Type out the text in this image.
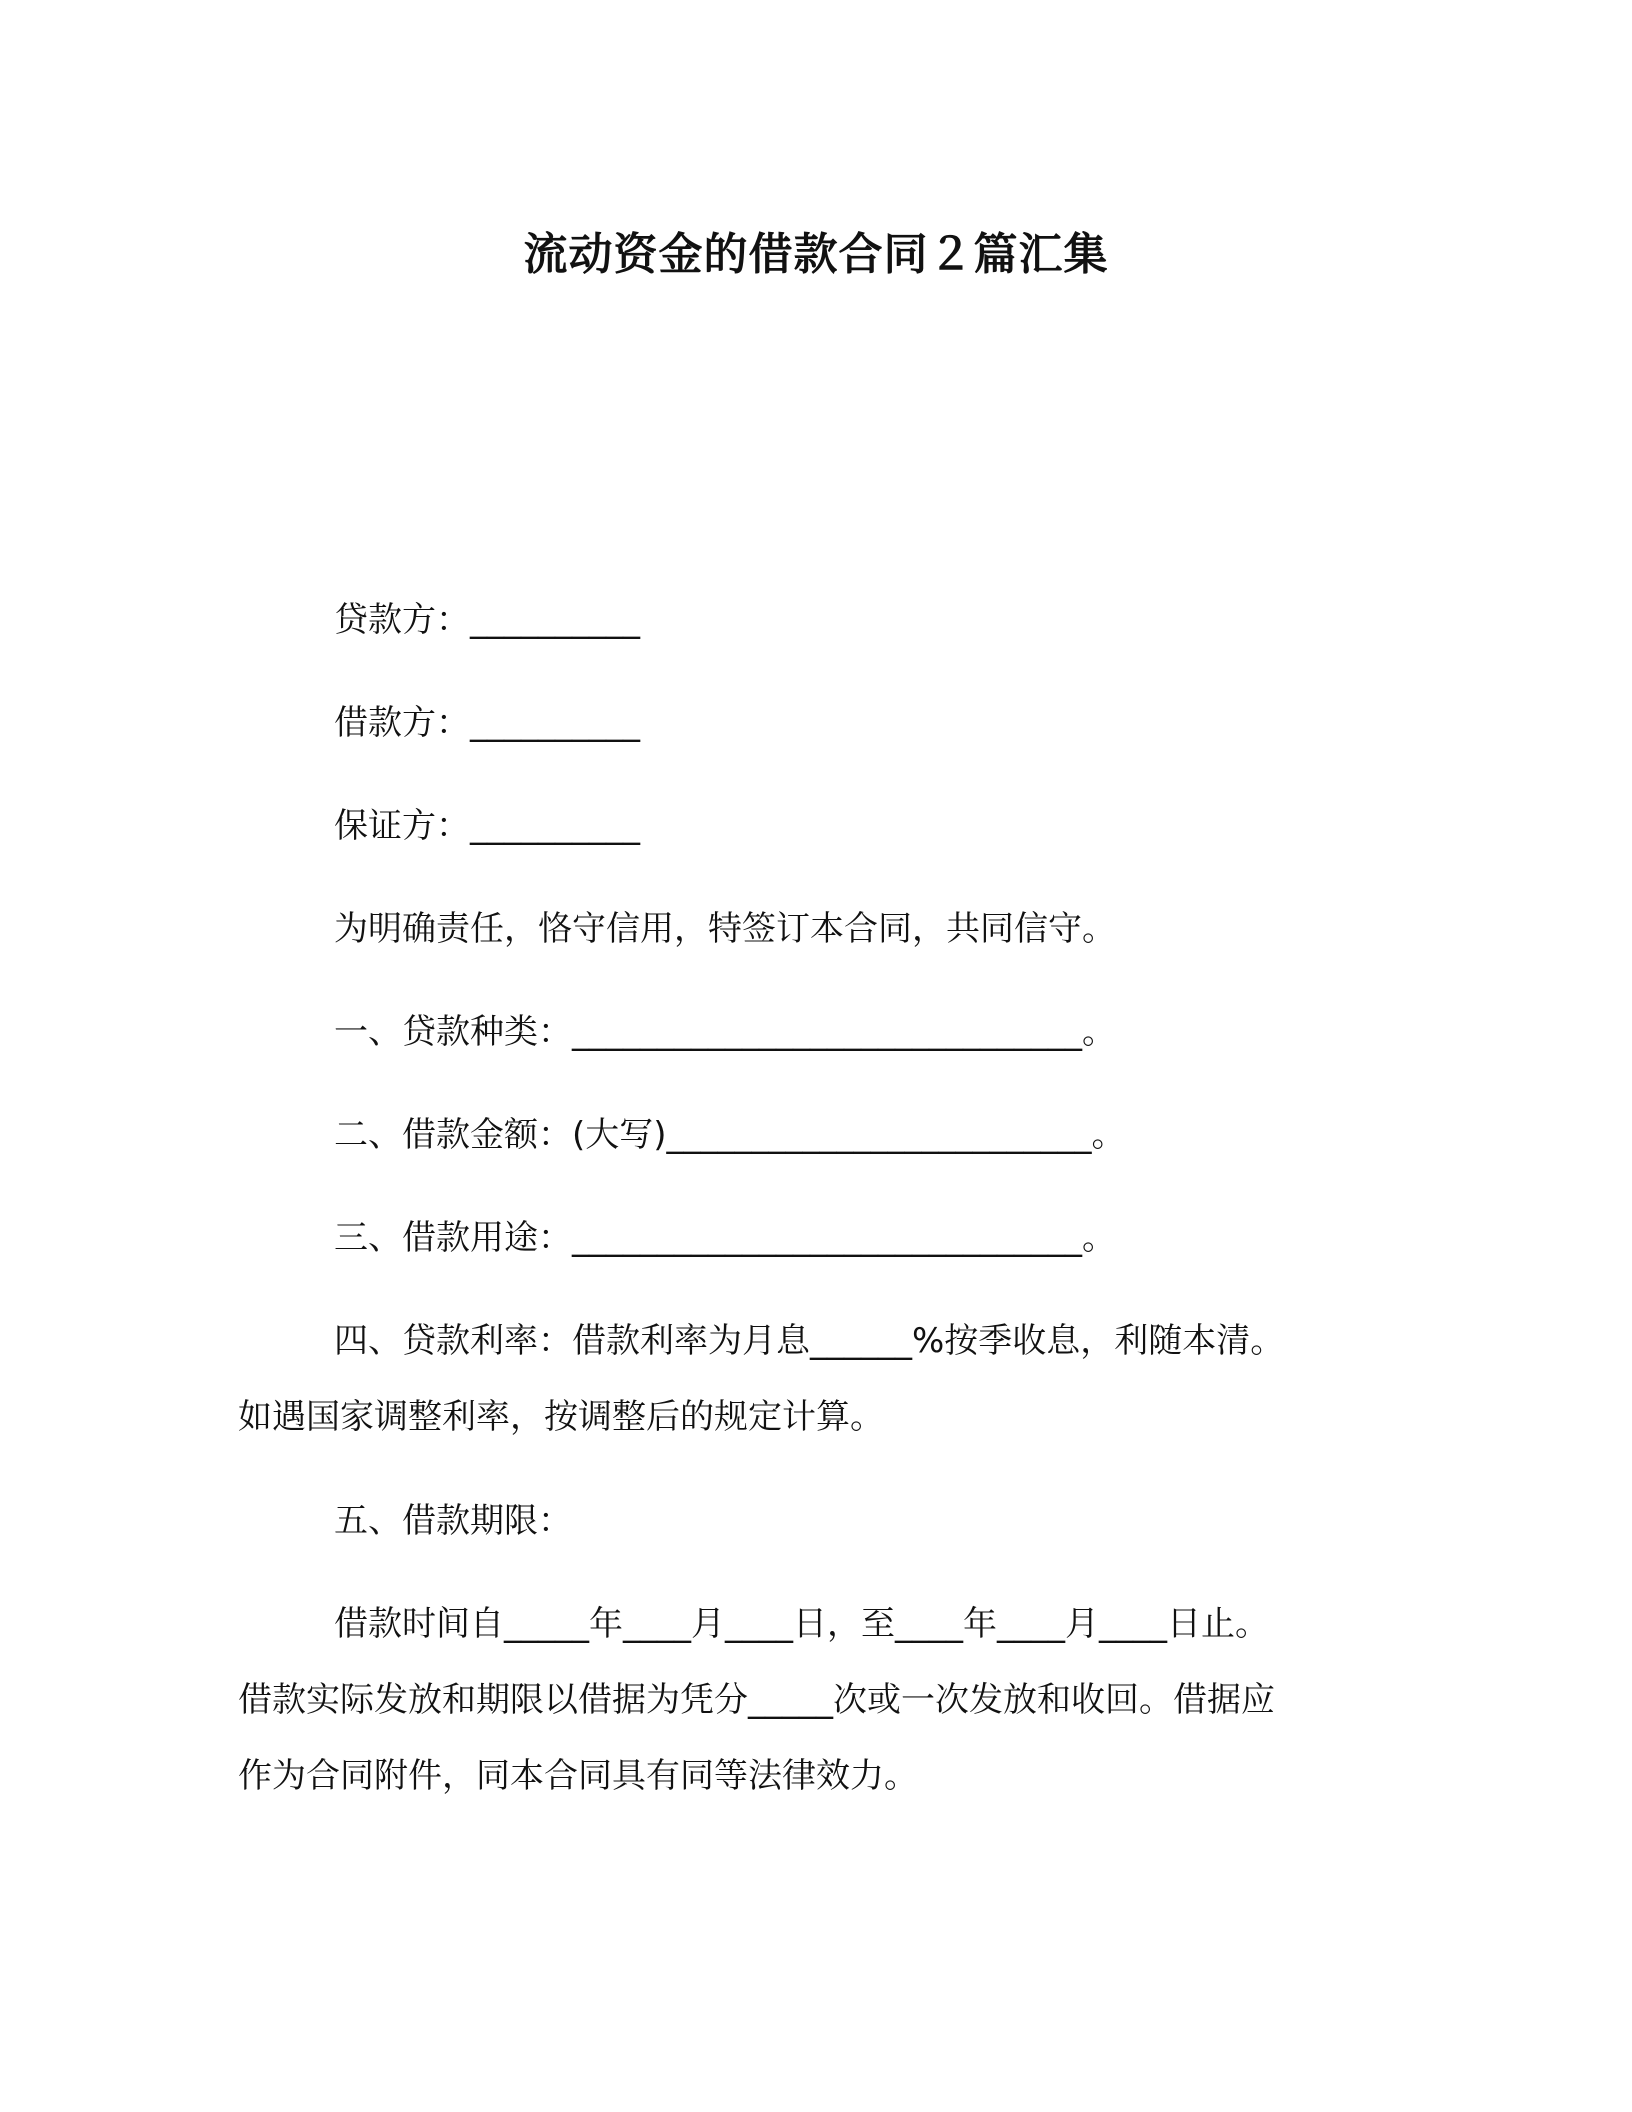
流动资金的借款合同２篇汇集
贷款方：__________
借款方：__________
保证方：__________
为明确责任，恪守信用，特签订本合同，共同信守。
一、贷款种类：______________________________。
二、借款金额：(大写)_________________________。
三、借款用途：______________________________。
四、贷款利率：借款利率为月息______%按季收息，利随本清。
如遇国家调整利率，按调整后的规定计算。
五、借款期限：
借款时间自_____年____月____日，至____年____月____日止。
借款实际发放和期限以借据为凭分_____次或一次发放和收回。借据应
作为合同附件，同本合同具有同等法律效力。
